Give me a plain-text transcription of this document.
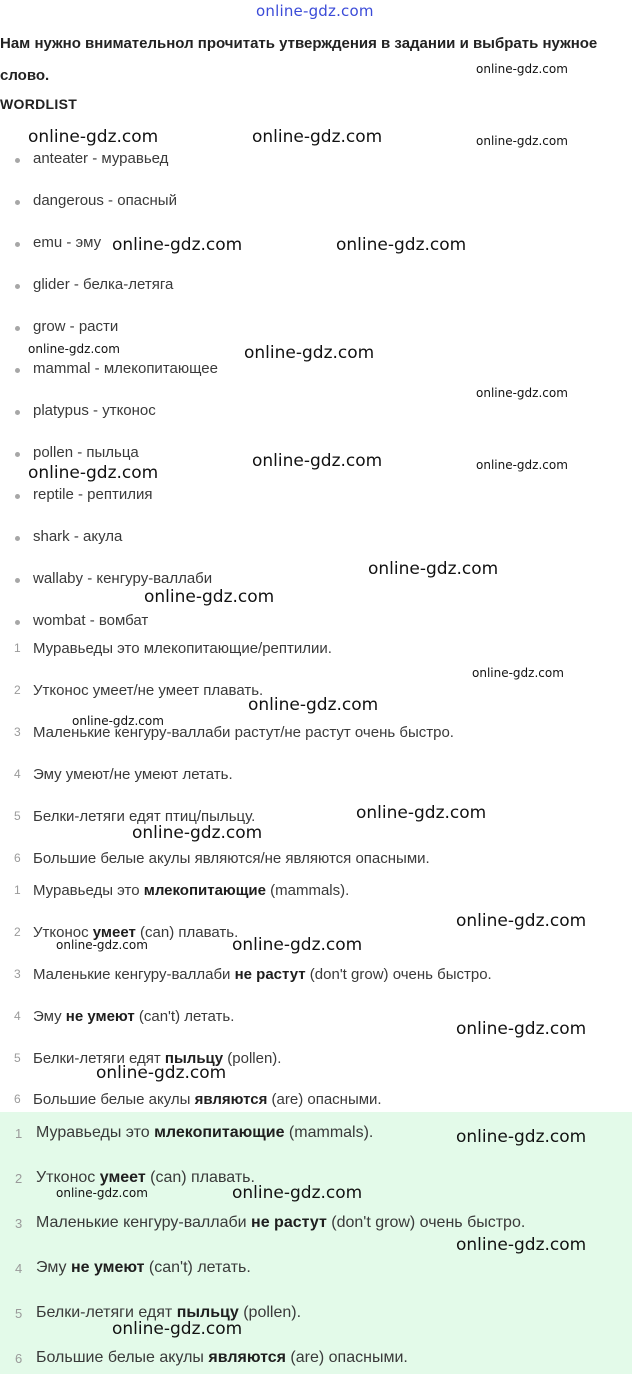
online-gdz.com
Нам нужно внимательнол прочитать утверждения в задании и выбрать нужное слово.
WORDLIST
anteater - муравьед
dangerous - опасный
emu - эму
glider - белка-летяга
grow - расти
mammal - млекопитающее
platypus - утконос
pollen - пыльца
reptile - рептилия
shark - акула
wallaby - кенгуру-валлаби
wombat - вомбат
1 Муравьеды это млекопитающие/рептилии.
2 Утконос умеет/не умеет плавать.
3 Маленькие кенгуру-валлаби растут/не растут очень быстро.
4 Эму умеют/не умеют летать.
5 Белки-летяги едят птиц/пыльцу.
6 Большие белые акулы являются/не являются опасными.
1 Муравьеды это млекопитающие (mammals).
2 Утконос умеет (can) плавать.
3 Маленькие кенгуру-валлаби не растут (don't grow) очень быстро.
4 Эму не умеют (can't) летать.
5 Белки-летяги едят пыльцу (pollen).
6 Большие белые акулы являются (are) опасными.
1 Муравьеды это млекопитающие (mammals).
2 Утконос умеет (can) плавать.
3 Маленькие кенгуру-валлаби не растут (don't grow) очень быстро.
4 Эму не умеют (can't) летать.
5 Белки-летяги едят пыльцу (pollen).
6 Большие белые акулы являются (are) опасными.
online-gdz.com
online-gdz.com	online-gdz.com	online-gdz.com
online-gdz.com	online-gdz.com
online-gdz.com	online-gdz.com
online-gdz.com
online-gdz.com	online-gdz.com
online-gdz.com
online-gdz.com
online-gdz.com
online-gdz.com
online-gdz.com
online-gdz.com
online-gdz.com
online-gdz.com
online-gdz.com
online-gdz.com
online-gdz.com
online-gdz.com
online-gdz.com
online-gdz.com
online-gdz.com	online-gdz.com
online-gdz.com
online-gdz.com
